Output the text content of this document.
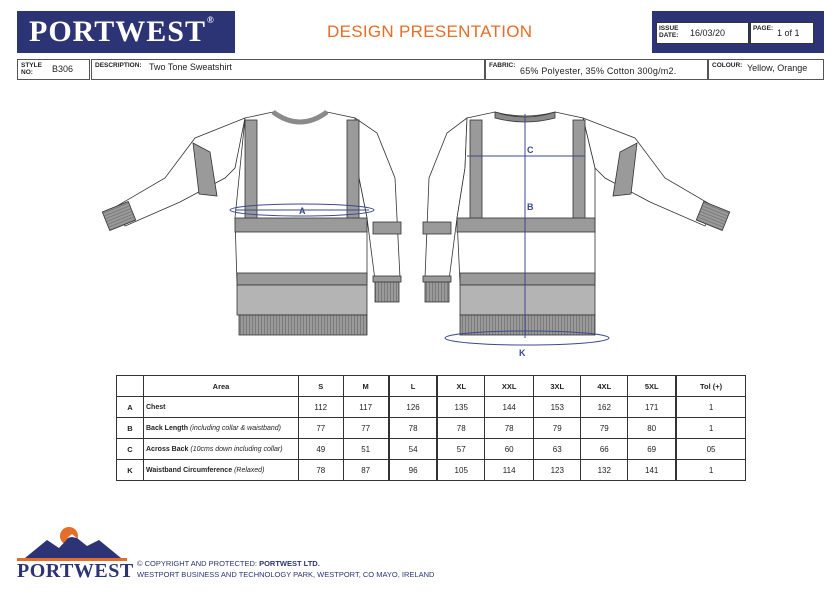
PORTWEST®
DESIGN PRESENTATION	ISSUE DATE: 16/03/20	PAGE: 1 of 1
STYLE NO:	B306	DESCRIPTION: Two Tone Sweatshirt	FABRIC:
65% Polyester, 35% Cotton 300g/m2.
COLOUR: Yellow, Orange
A
C
B
K
	Area	S	M	L	XL	XXL	3XL	4XL	5XL	Tol (+)
A	Chest	112	117	126	135	144	153	162	171	1
B	Back Length (including collar & waistband)	77	77	78	78	78	79	79	80	1
C	Across Back (10cms down including collar)	49	51	54	57	60	63	66	69	05
K	Waistband Circumference (Relaxed)	78	87	96	105	114	123	132	141	1
PORTWEST © COPYRIGHT AND PROTECTED: PORTWEST LTD.
WESTPORT BUSINESS AND TECHNOLOGY PARK, WESTPORT, CO MAYO, IRELAND
